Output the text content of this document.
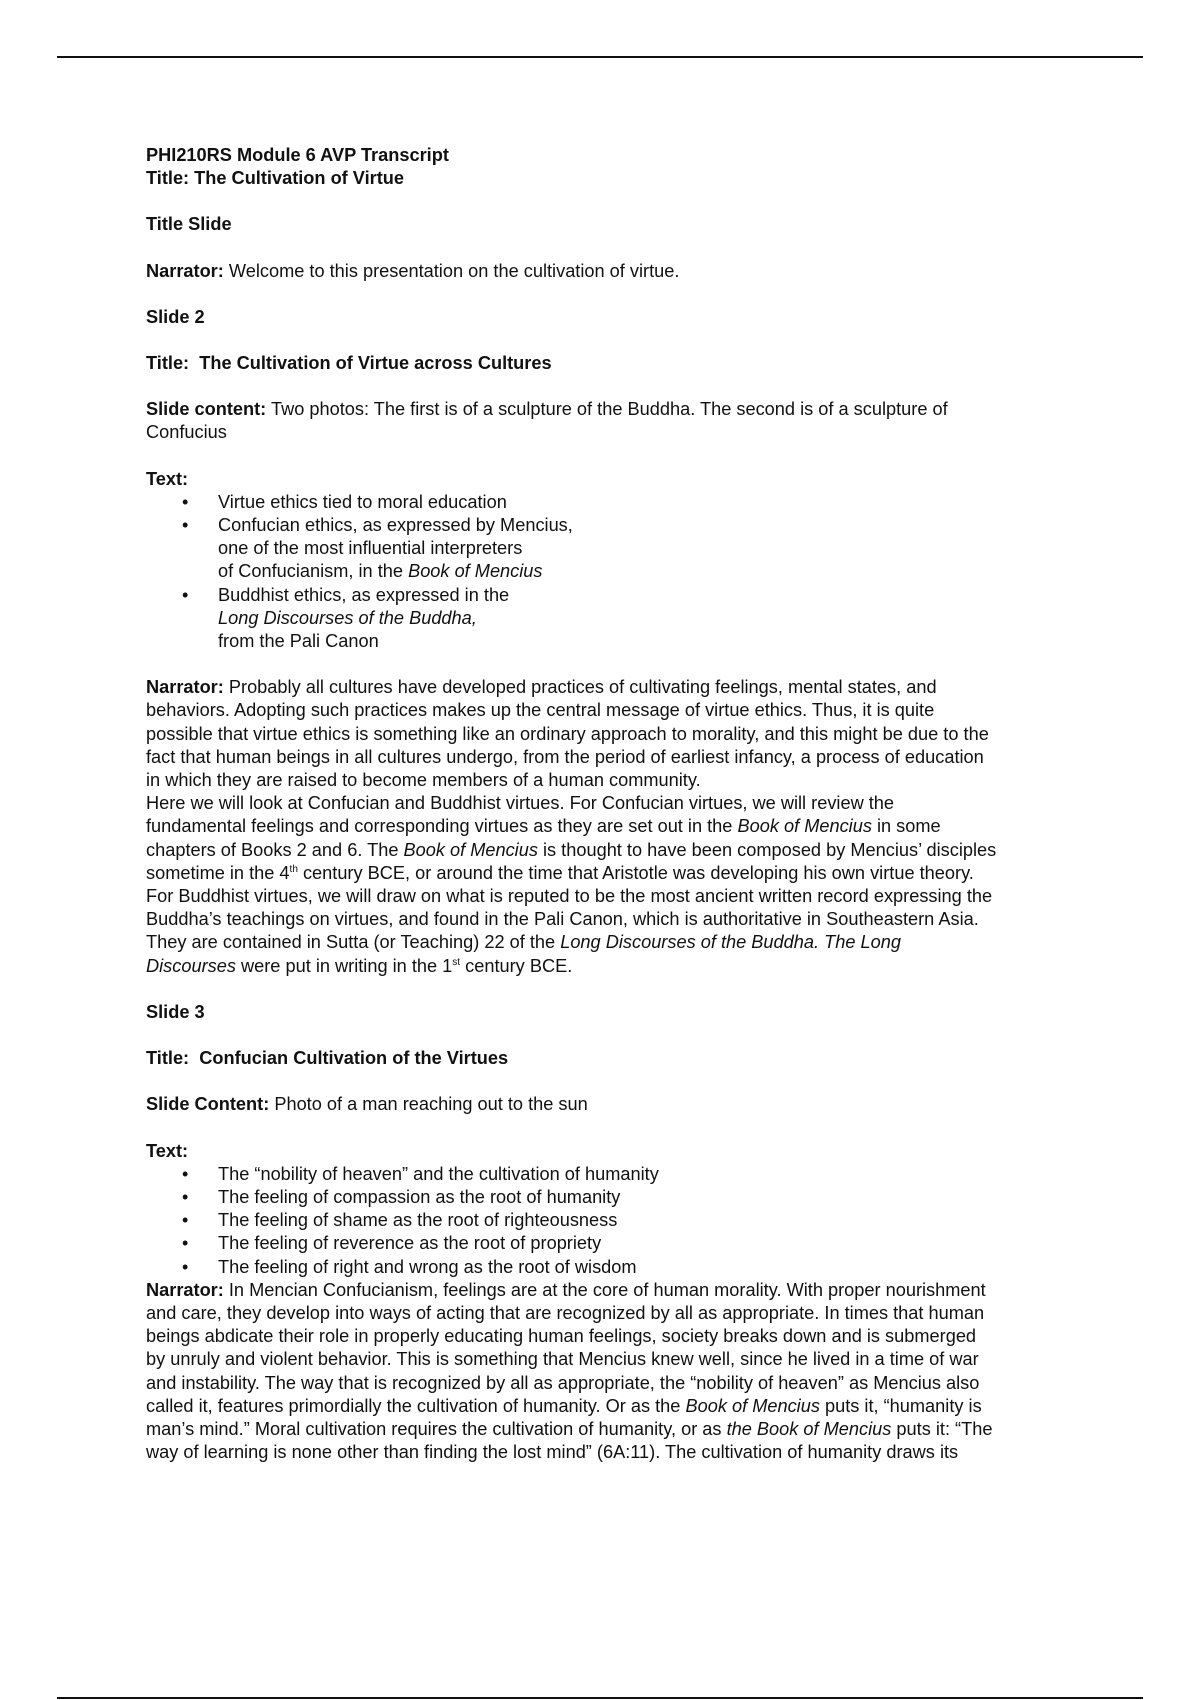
PHI210RS Module 6 AVP Transcript

Title: The Cultivation of Virtue

Title Slide

Narrator: Welcome to this presentation on the cultivation of virtue.

Slide 2

Title: The Cultivation of Virtue across Cultures

Slide content: Two photos: The first is of a sculpture of the Buddha. The second is of a sculpture of

Confucius

Text:

• Virtue ethics tied to moral education
• Confucian ethics, as expressed by Mencius,
one of the most influential interpreters
of Confucianism, in the Book of Mencius
• Buddhist ethics, as expressed in the
Long Discourses of the Buddha,
from the Pali Canon

Narrator: Probably all cultures have developed practices of cultivating feelings, mental states, and
behaviors. Adopting such practices makes up the central message of virtue ethics. Thus, it is quite
possible that virtue ethics is something like an ordinary approach to morality, and this might be due to the
fact that human beings in all cultures undergo, from the period of earliest infancy, a process of education
in which they are raised to become members of a human community.
Here we will look at Confucian and Buddhist virtues. For Confucian virtues, we will review the
fundamental feelings and corresponding virtues as they are set out in the Book of Mencius in some
chapters of Books 2 and 6. The Book of Mencius is thought to have been composed by Mencius’ disciples
sometime in the 4th century BCE, or around the time that Aristotle was developing his own virtue theory.
For Buddhist virtues, we will draw on what is reputed to be the most ancient written record expressing the
Buddha’s teachings on virtues, and found in the Pali Canon, which is authoritative in Southeastern Asia.
They are contained in Sutta (or Teaching) 22 of the Long Discourses of the Buddha. The Long
Discourses were put in writing in the 1st century BCE.

Slide 3

Title: Confucian Cultivation of the Virtues

Slide Content: Photo of a man reaching out to the sun

Text:

• The “nobility of heaven” and the cultivation of humanity
• The feeling of compassion as the root of humanity
• The feeling of shame as the root of righteousness
• The feeling of reverence as the root of propriety
• The feeling of right and wrong as the root of wisdom

Narrator: In Mencian Confucianism, feelings are at the core of human morality. With proper nourishment
and care, they develop into ways of acting that are recognized by all as appropriate. In times that human
beings abdicate their role in properly educating human feelings, society breaks down and is submerged
by unruly and violent behavior. This is something that Mencius knew well, since he lived in a time of war
and instability. The way that is recognized by all as appropriate, the “nobility of heaven” as Mencius also
called it, features primordially the cultivation of humanity. Or as the Book of Mencius puts it, “humanity is
man’s mind.” Moral cultivation requires the cultivation of humanity, or as the Book of Mencius puts it: “The
way of learning is none other than finding the lost mind” (6A:11). The cultivation of humanity draws its
